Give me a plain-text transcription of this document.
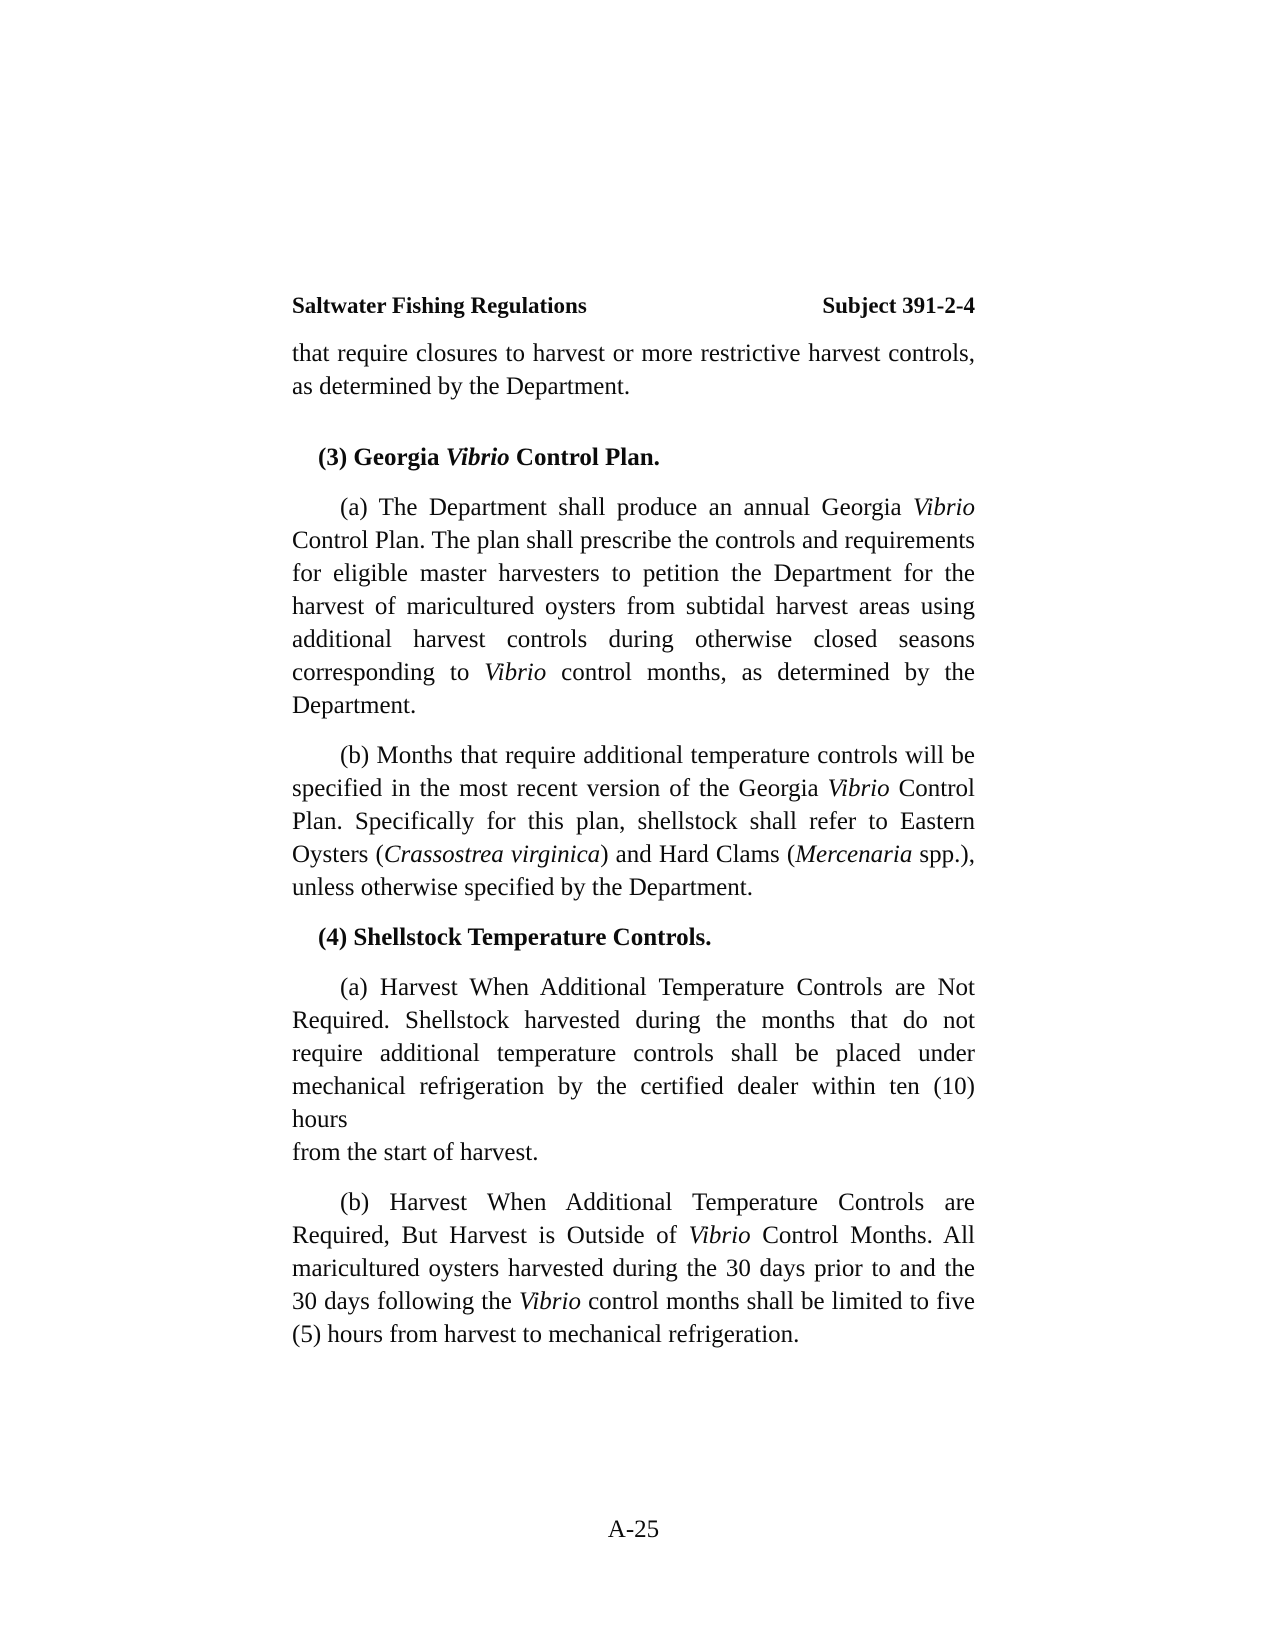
Saltwater Fishing Regulations	Subject 391-2-4
that require closures to harvest or more restrictive harvest controls,
as determined by the Department.
(3) Georgia Vibrio Control Plan.
(a) The Department shall produce an annual Georgia Vibrio
Control Plan. The plan shall prescribe the controls and requirements
for eligible master harvesters to petition the Department for the
harvest of maricultured oysters from subtidal harvest areas using
additional harvest controls during otherwise closed seasons
corresponding to Vibrio control months, as determined by the
Department.
(b) Months that require additional temperature controls will be
specified in the most recent version of the Georgia Vibrio Control
Plan. Specifically for this plan, shellstock shall refer to Eastern
Oysters (Crassostrea virginica) and Hard Clams (Mercenaria spp.),
unless otherwise specified by the Department.
(4) Shellstock Temperature Controls.
(a) Harvest When Additional Temperature Controls are Not
Required. Shellstock harvested during the months that do not
require additional temperature controls shall be placed under
mechanical refrigeration by the certified dealer within ten (10) hours
from the start of harvest.
(b) Harvest When Additional Temperature Controls are
Required, But Harvest is Outside of Vibrio Control Months. All
maricultured oysters harvested during the 30 days prior to and the
30 days following the Vibrio control months shall be limited to five
(5) hours from harvest to mechanical refrigeration.
A-25
